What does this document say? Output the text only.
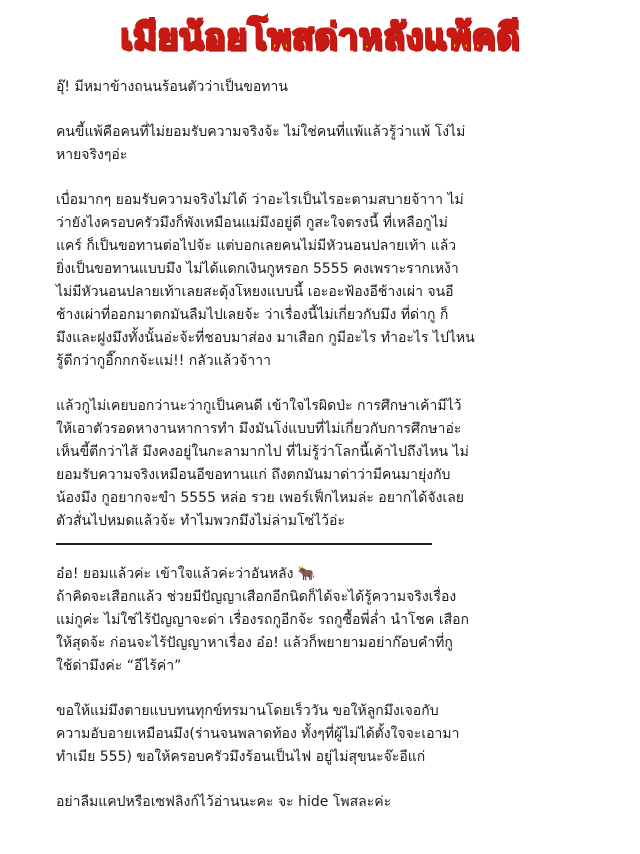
เมียน้อยโพสด่าหลังแพ้คดี

อุ๊! มีหมาข้างถนนร้อนตัวว่าเป็นขอทาน

คนขี้แพ้คือคนที่ไม่ยอมรับความจริงจ้ะ ไม่ใช่คนที่แพ้แล้วรู้ว่าแพ้ โง่ไม่
หายจริงๆอ่ะ

เบื่อมากๆ ยอมรับความจริงไม่ได้ ว่าอะไรเป็นไรอะตามสบายจ้าาา ไม่
ว่ายังไงครอบครัวมึงก็พังเหมือนแม่มึงอยู่ดี กูสะใจตรงนี้ ที่เหลือกูไม่
แคร์ ก็เป็นขอทานต่อไปจ้ะ แต่บอกเลยคนไม่มีหัวนอนปลายเท้า แล้ว
ยิ่งเป็นขอทานแบบมึง ไม่ได้แดกเงินกูหรอก 5555 คงเพราะรากเหง้า
ไม่มีหัวนอนปลายเท้าเลยสะดุ้งโหยงแบบนี้ เอะอะฟ้องอีช้างเผ่า จนอี
ช้างเผ่าที่ออกมาตกมันลืมไปเลยจ้ะ ว่าเรื่องนี้ไม่เกี่ยวกับมึง ที่ด่ากู ก็
มึงและฝูงมึงทั้งนั้นอ่ะจ้ะที่ชอบมาส่อง มาเสือก กูมีอะไร ทำอะไร ไปไหน
รู้ดีกว่ากูอี๊กกกจ้ะแม่!! กลัวแล้วจ้าาา

แล้วกูไม่เคยบอกว่านะว่ากูเป็นคนดี เข้าใจไรผิดป่ะ การศึกษาเค้ามีไว้
ให้เอาตัวรอดหางานหาการทำ มึงมันโง่แบบที่ไม่เกี่ยวกับการศึกษาอ่ะ
เห็นขี้ตีกว่าไส้ มึงคงอยู่ในกะลามากไป ที่ไม่รู้ว่าโลกนี้เค้าไปถึงไหน ไม่
ยอมรับความจริงเหมือนอีขอทานแก่ ถึงตกมันมาด่าว่ามีคนมายุ่งกับ
น้องมึง กูอยากจะขำ 5555 หล่อ รวย เพอร์เฟ็กไหมล่ะ อยากได้จังเลย
ตัวสั่นไปหมดแล้วจ้ะ ทำไมพวกมึงไม่ล่ามโซ่ไว้อ่ะ

อ๋อ! ยอมแล้วค่ะ เข้าใจแล้วค่ะว่าอันหลัง 🐂

ถ้าคิดจะเสือกแล้ว ช่วยมีปัญญาเสือกอีกนิดก็ได้จะได้รู้ความจริงเรื่อง
แม่กูค่ะ ไม่ใช่ไร้ปัญญาจะด่า เรื่องรถกูอีกจ้ะ รถกูซื้อพี่ล่ำ นำโชค เสือก
ให้สุดจ้ะ ก่อนจะไร้ปัญญาหาเรื่อง อ๋อ! แล้วก็พยายามอย่าก๊อบคำที่กู
ใช้ด่ามึงค่ะ “อีไร้ค่า”

ขอให้แม่มึงตายแบบทนทุกข์ทรมานโดยเร็ววัน ขอให้ลูกมึงเจอกับ
ความอับอายเหมือนมึง(ร่านจนพลาดท้อง ทั้งๆที่ผู้ไม่ได้ตั้งใจจะเอามา
ทำเมีย 555) ขอให้ครอบครัวมึงร้อนเป็นไฟ อยู่ไม่สุขนะจ๊ะอีแก่

อย่าลืมแคปหรือเซฟลิงก์ไว้อ่านนะคะ จะ hide โพสละค่ะ
